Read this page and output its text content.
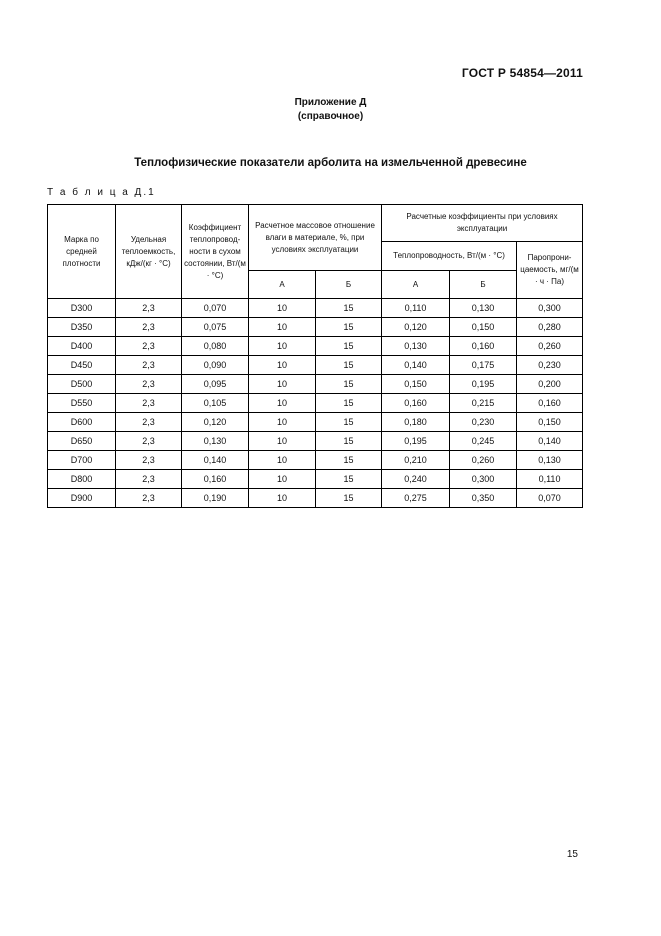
ГОСТ Р 54854—2011
Приложение Д
(справочное)
Теплофизические показатели арболита на измельченной древесине
Т а б л и ц а Д.1
Марка по средней плотности	Удельная теплоемкость, кДж/(кг · °С)	Коэффициент теплопровод-ности в сухом состоянии, Вт/(м · °С)	Расчетное массовое отношение влаги в материале, %, при условиях эксплуатации		Расчетные коэффициенты при условиях эксплуатации		
					Теплопроводность, Вт/(м · °С)		Паропрони-цаемость, мг/(м · ч · Па)
			А	Б	А	Б	
D300	2,3	0,070	10	15	0,110	0,130	0,300
D350	2,3	0,075	10	15	0,120	0,150	0,280
D400	2,3	0,080	10	15	0,130	0,160	0,260
D450	2,3	0,090	10	15	0,140	0,175	0,230
D500	2,3	0,095	10	15	0,150	0,195	0,200
D550	2,3	0,105	10	15	0,160	0,215	0,160
D600	2,3	0,120	10	15	0,180	0,230	0,150
D650	2,3	0,130	10	15	0,195	0,245	0,140
D700	2,3	0,140	10	15	0,210	0,260	0,130
D800	2,3	0,160	10	15	0,240	0,300	0,110
D900	2,3	0,190	10	15	0,275	0,350	0,070
15
